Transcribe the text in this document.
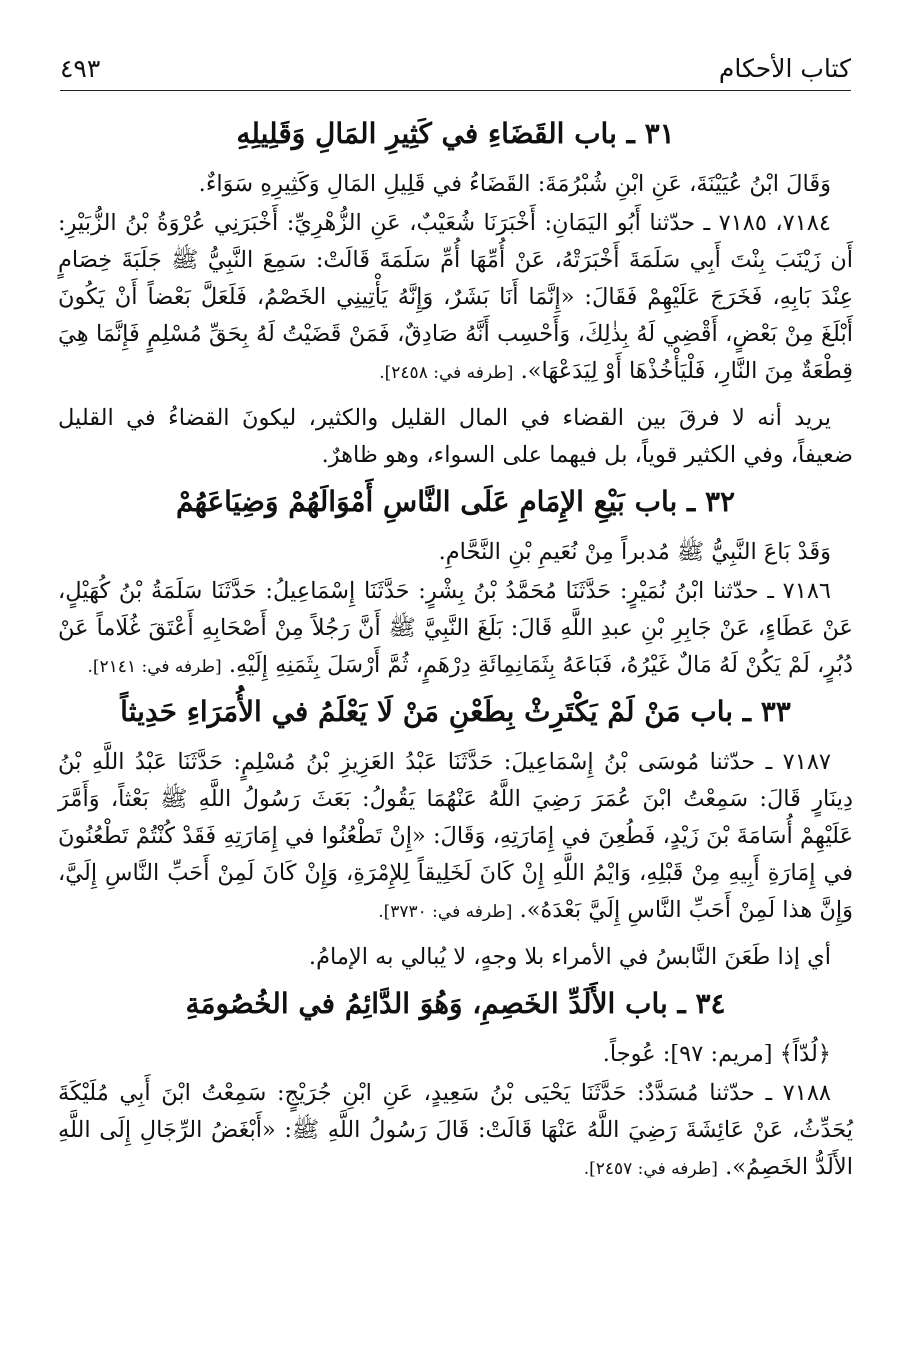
كتاب الأحكام
٤٩٣
٣١ ـ باب القَضَاءِ في كَثِيرِ المَالِ وَقَلِيلِهِ

وَقَالَ ابْنُ عُيَيْنَةَ، عَنِ ابْنِ شُبْرُمَةَ: القَضَاءُ في قَلِيلِ المَالِ وَكَثِيرِهِ سَوَاءٌ.

٧١٨٤، ٧١٨٥ ـ حدّثنا أَبُو اليَمَانِ: أَخْبَرَنَا شُعَيْبٌ، عَنِ الزُّهْرِيِّ: أَخْبَرَنِي عُرْوَةُ بْنُ الزُّبَيْرِ: أَن زَيْنَبَ بِنْتَ أَبِي سَلَمَةَ أَخْبَرَتْهُ، عَنْ أُمِّهَا أُمِّ سَلَمَةَ قَالَتْ: سَمِعَ النَّبِيُّ ﷺ جَلَبَةَ خِصَامٍ عِنْدَ بَابِهِ، فَخَرَجَ عَلَيْهِمْ فَقَالَ: «إِنَّمَا أَنَا بَشَرٌ، وَإِنَّهُ يَأْتِينِي الخَصْمُ، فَلَعَلَّ بَعْضاً أَنْ يَكُونَ أَبْلَغَ مِنْ بَعْضٍ، أَقْضِي لَهُ بِذٰلِكَ، وَأَحْسِب أَنَّهُ صَادِقٌ، فَمَنْ قَضَيْتُ لَهُ بِحَقِّ مُسْلِمٍ فَإِنَّمَا هِيَ قِطْعَةٌ مِنَ النَّارِ، فَلْيَأْخُذْهَا أَوْ لِيَدَعْهَا». [طرفه في: ٢٤٥٨].

يريد أنه لا فرقَ بين القضاء في المال القليل والكثير، ليكونَ القضاءُ في القليل ضعيفاً، وفي الكثير قوياً، بل فيهما على السواء، وهو ظاهرٌ.

٣٢ ـ باب بَيْعِ الإِمَامِ عَلَى النَّاسِ أَمْوَالَهُمْ وَضِيَاعَهُمْ

وَقَدْ بَاعَ النَّبِيُّ ﷺ مُدبراً مِنْ نُعَيمِ بْنِ النَّحَّامِ.

٧١٨٦ ـ حدّثنا ابْنُ نُمَيْرٍ: حَدَّثَنَا مُحَمَّدُ بْنُ بِشْرٍ: حَدَّثَنَا إِسْمَاعِيلُ: حَدَّثَنَا سَلَمَةُ بْنُ كُهَيْلٍ، عَنْ عَطَاءٍ، عَنْ جَابِرِ بْنِ عبدِ اللَّهِ قَالَ: بَلَغَ النَّبِيَّ ﷺ أَنَّ رَجُلاً مِنْ أَصْحَابِهِ أَعْتَقَ غُلَاماً عَنْ دُبُرٍ، لَمْ يَكُنْ لَهُ مَالٌ غَيْرُهُ، فَبَاعَهُ بِثَمَانِمِائَةِ دِرْهَمٍ، ثُمَّ أَرْسَلَ بِثَمَنِهِ إِلَيْهِ. [طرفه في: ٢١٤١].

٣٣ ـ باب مَنْ لَمْ يَكْتَرِثْ بِطَعْنِ مَنْ لَا يَعْلَمُ في الأُمَرَاءِ حَدِيثاً

٧١٨٧ ـ حدّثنا مُوسَى بْنُ إِسْمَاعِيلَ: حَدَّثَنَا عَبْدُ العَزِيزِ بْنُ مُسْلِمٍ: حَدَّثَنَا عَبْدُ اللَّهِ بْنُ دِينَارٍ قَالَ: سَمِعْتُ ابْنَ عُمَرَ رَضِيَ اللَّهُ عَنْهُمَا يَقُولُ: بَعَثَ رَسُولُ اللَّهِ ﷺ بَعْثاً، وَأَمَّرَ عَلَيْهِمْ أُسَامَةَ بْنَ زَيْدٍ، فَطُعِنَ في إِمَارَتِهِ، وَقَالَ: «إِنْ تَطْعُنُوا في إِمَارَتِهِ فَقَدْ كُنْتُمْ تَطْعُنُونَ في إِمَارَةِ أَبِيهِ مِنْ قَبْلِهِ، وَايْمُ اللَّهِ إِنْ كَانَ لَخَلِيقاً لِلإِمْرَةِ، وَإِنْ كَانَ لَمِنْ أَحَبِّ النَّاسِ إِلَيَّ، وَإِنَّ هذا لَمِنْ أَحَبِّ النَّاسِ إِلَيَّ بَعْدَهُ». [طرفه في: ٣٧٣٠].

أي إذا طَعَنَ النَّابسُ في الأمراء بلا وجهٍ، لا يُبالي به الإمامُ.

٣٤ ـ باب الأَلَدِّ الخَصِمِ، وَهُوَ الدَّائِمُ في الخُصُومَةِ

﴿لُدّاً﴾ [مريم: ٩٧]: عُوجاً.

٧١٨٨ ـ حدّثنا مُسَدَّدٌ: حَدَّثَنَا يَحْيَى بْنُ سَعِيدٍ، عَنِ ابْنِ جُرَيْجٍ: سَمِعْتُ ابْنَ أَبِي مُلَيْكَةَ يُحَدِّثُ، عَنْ عَائِشَةَ رَضِيَ اللَّهُ عَنْهَا قَالَتْ: قَالَ رَسُولُ اللَّهِ ﷺ: «أَبْغَضُ الرِّجَالِ إِلَى اللَّهِ الأَلَدُّ الخَصِمُ». [طرفه في: ٢٤٥٧].
